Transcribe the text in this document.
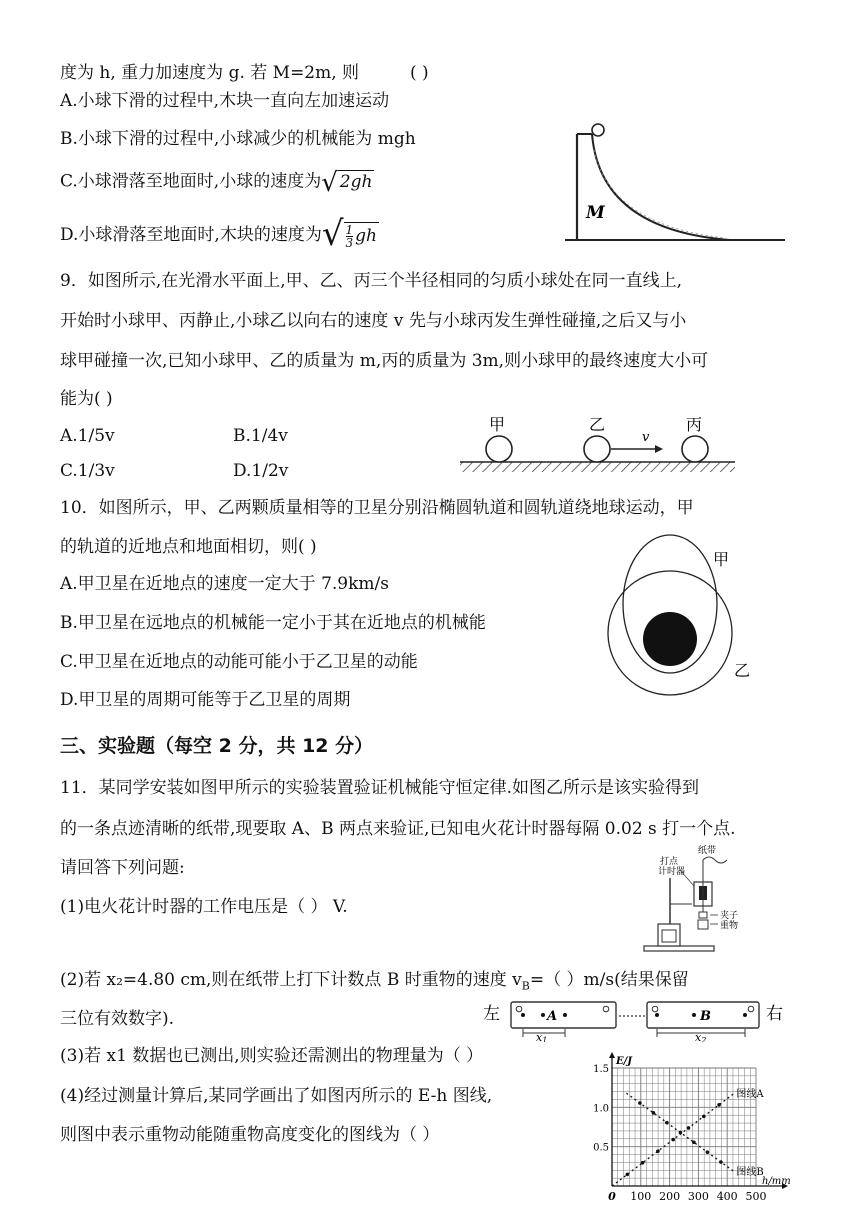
度为 h, 重力加速度为 g. 若 M=2m, 则	( )
A.小球下滑的过程中,木块一直向左加速运动
B.小球下滑的过程中,小球减少的机械能为 mgh
C.小球滑落至地面时,小球的速度为√ 2gh
D.小球滑落至地面时,木块的速度为√ $\frac{1}{3}$ gh
M
9．如图所示,在光滑水平面上,甲、乙、丙三个半径相同的匀质小球处在同一直线上,
开始时小球甲、丙静止,小球乙以向右的速度 v 先与小球丙发生弹性碰撞,之后又与小
球甲碰撞一次,已知小球甲、乙的质量为 m,丙的质量为 3m,则小球甲的最终速度大小可
能为( )
A.1/5v	B.1/4v
C.1/3v	D.1/2v
甲	乙	丙
v
10．如图所示，甲、乙两颗质量相等的卫星分别沿椭圆轨道和圆轨道绕地球运动，甲
的轨道的近地点和地面相切，则( )
A.甲卫星在近地点的速度一定大于 7.9km/s
B.甲卫星在远地点的机械能一定小于其在近地点的机械能
C.甲卫星在近地点的动能可能小于乙卫星的动能
D.甲卫星的周期可能等于乙卫星的周期
甲
乙
三、实验题（每空 2 分，共 12 分）
11．某同学安装如图甲所示的实验装置验证机械能守恒定律.如图乙所示是该实验得到
的一条点迹清晰的纸带,现要取 A、B 两点来验证,已知电火花计时器每隔 0.02 s 打一个点.
请回答下列问题:
(1)电火花计时器的工作电压是（ ） V.
(2)若 x₂=4.80 cm,则在纸带上打下计数点 B 时重物的速度 $v_B=$（ ）m/s(结果保留
三位有效数字).
(3)若 x1 数据也已测出,则实验还需测出的物理量为（ ）
(4)经过测量计算后,某同学画出了如图丙所示的 E-h 图线,
则图中表示重物动能随重物高度变化的图线为（ ）
纸带
打点
计时器
夹子
重物
左	A	B	右
x1	x2
E/J
h/mm
0 100 200 300 400 500
0.5
1.0
1.5
图线A
图线B
